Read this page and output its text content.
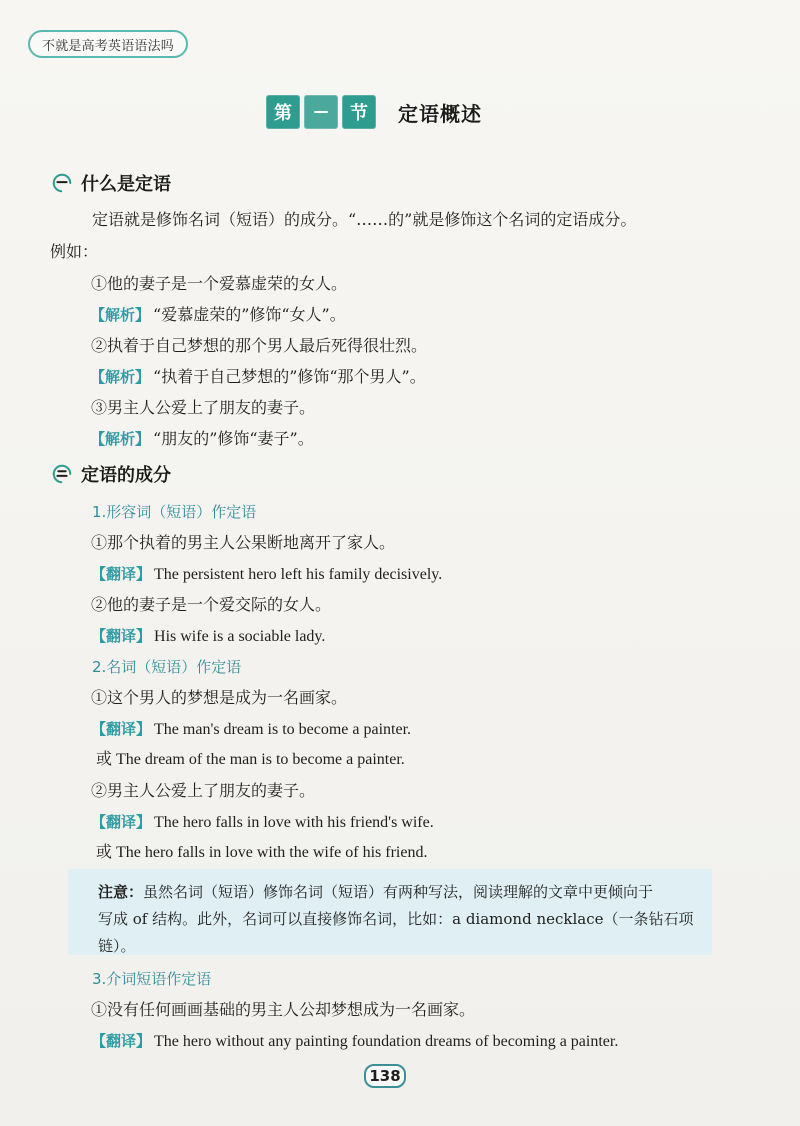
不就是高考英语语法吗
第	节	定语概述
什么是定语
定语就是修饰名词（短语）的成分。“……的”就是修饰这个名词的定语成分。
例如：
①他的妻子是一个爱慕虚荣的女人。
【解析】 “爱慕虚荣的”修饰“女人”。
②执着于自己梦想的那个男人最后死得很壮烈。
【解析】 “执着于自己梦想的”修饰“那个男人”。
③男主人公爱上了朋友的妻子。
【解析】 “朋友的”修饰“妻子”。
定语的成分
1.形容词（短语）作定语
①那个执着的男主人公果断地离开了家人。
【翻译】 The persistent hero left his family decisively.
②他的妻子是一个爱交际的女人。
【翻译】 His wife is a sociable lady.
2.名词（短语）作定语
①这个男人的梦想是成为一名画家。
【翻译】 The man's dream is to become a painter.
或 The dream of the man is to become a painter.
②男主人公爱上了朋友的妻子。
【翻译】 The hero falls in love with his friend's wife.
或 The hero falls in love with the wife of his friend.
注意：虽然名词（短语）修饰名词（短语）有两种写法，阅读理解的文章中更倾向于
写成 of 结构。此外，名词可以直接修饰名词，比如：a diamond necklace（一条钻石项
链）。
3.介词短语作定语
①没有任何画画基础的男主人公却梦想成为一名画家。
【翻译】 The hero without any painting foundation dreams of becoming a painter.
138
